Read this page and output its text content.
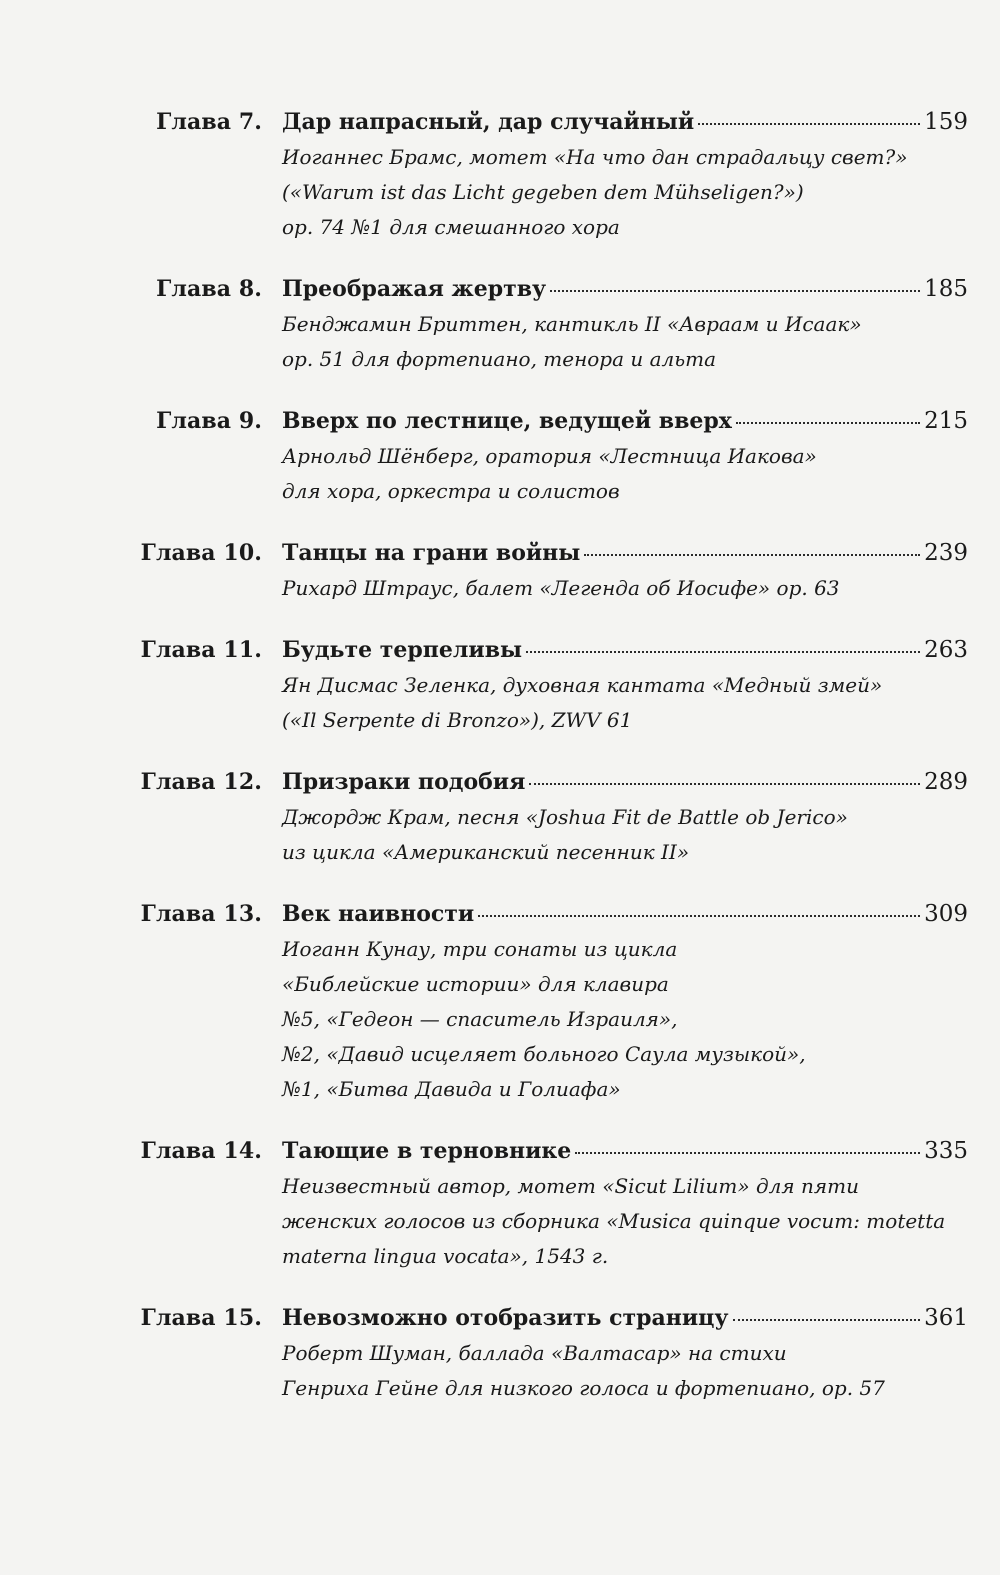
Глава 7. Дар напрасный, дар случайный	159
Иоганнес Брамс, мотет «На что дан страдальцу свет?»
(«Warum ist das Licht gegeben dem Mühseligen?»)
ор. 74 №1 для смешанного хора
Глава 8. Преображая жертву	185
Бенджамин Бриттен, кантикль II «Авраам и Исаак»
ор. 51 для фортепиано, тенора и альта
Глава 9. Вверх по лестнице, ведущей вверх	215
Арнольд Шёнберг, оратория «Лестница Иакова»
для хора, оркестра и солистов
Глава 10. Танцы на грани войны	239
Рихард Штраус, балет «Легенда об Иосифе» ор. 63
Глава 11. Будьте терпеливы	263
Ян Дисмас Зеленка, духовная кантата «Медный змей»
(«Il Serpente di Bronzo»), ZWV 61
Глава 12. Призраки подобия	289
Джордж Крам, песня «Joshua Fit de Battle ob Jerico»
из цикла «Американский песенник II»
Глава 13. Век наивности	309
Иоганн Кунау, три сонаты из цикла
«Библейские истории» для клавира
№5, «Гедеон — спаситель Израиля»,
№2, «Давид исцеляет больного Саула музыкой»,
№1, «Битва Давида и Голиафа»
Глава 14. Тающие в терновнике	335
Неизвестный автор, мотет «Sicut Lilium» для пяти
женских голосов из сборника «Musica quinque vocum: motetta
materna lingua vocata», 1543 г.
Глава 15. Невозможно отобразить страницу	361
Роберт Шуман, баллада «Валтасар» на стихи
Генриха Гейне для низкого голоса и фортепиано, ор. 57
